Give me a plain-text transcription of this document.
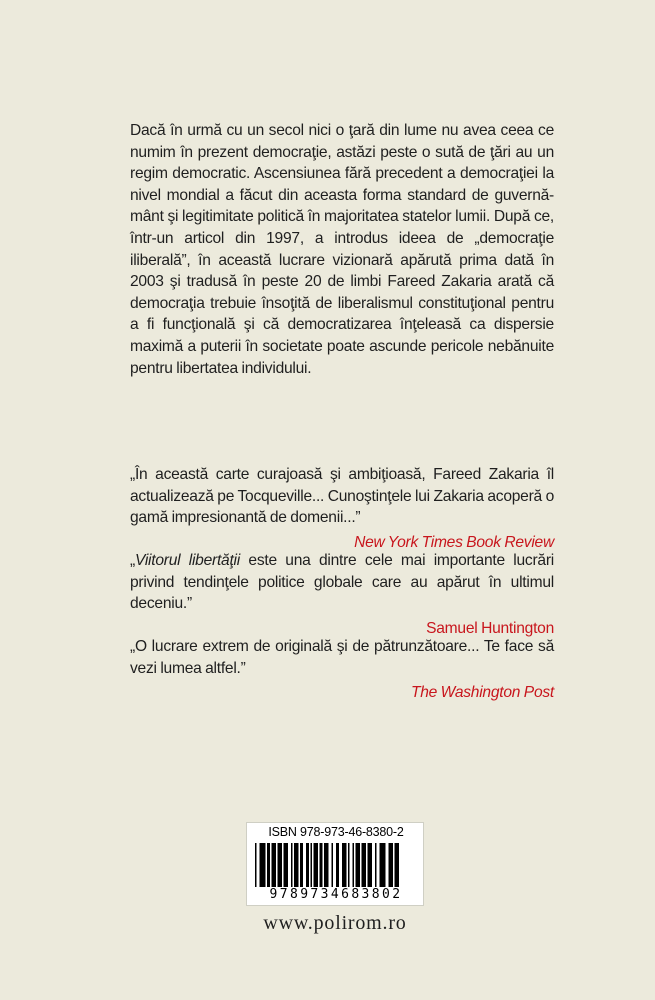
Dacă în urmă cu un secol nici o ţară din lume nu avea ceea ce numim în prezent democraţie, astăzi peste o sută de ţări au un regim democratic. Ascensiunea fără precedent a democraţiei la nivel mondial a făcut din aceasta forma standard de guvernă-mânt şi legitimitate politică în majoritatea statelor lumii. După ce, într-un articol din 1997, a introdus ideea de „democraţie iliberală”, în această lucrare vizionară apărută prima dată în 2003 şi tradusă în peste 20 de limbi Fareed Zakaria arată că democraţia trebuie însoţită de liberalismul constituţional pentru a fi funcţională şi că democratizarea înţeleasă ca dispersie maximă a puterii în societate poate ascunde pericole nebănuite pentru libertatea individului.

„În această carte curajoasă şi ambiţioasă, Fareed Zakaria îl actualizează pe Tocqueville... Cunoştinţele lui Zakaria acoperă o gamă impresionantă de domenii...”

New York Times Book Review

„Viitorul libertăţii este una dintre cele mai importante lucrări privind tendinţele politice globale care au apărut în ultimul deceniu.”

Samuel Huntington

„O lucrare extrem de originală şi de pătrunzătoare... Te face să vezi lumea altfel.”

The Washington Post

ISBN 978-973-46-8380-2
9789734683802
www.polirom.ro
